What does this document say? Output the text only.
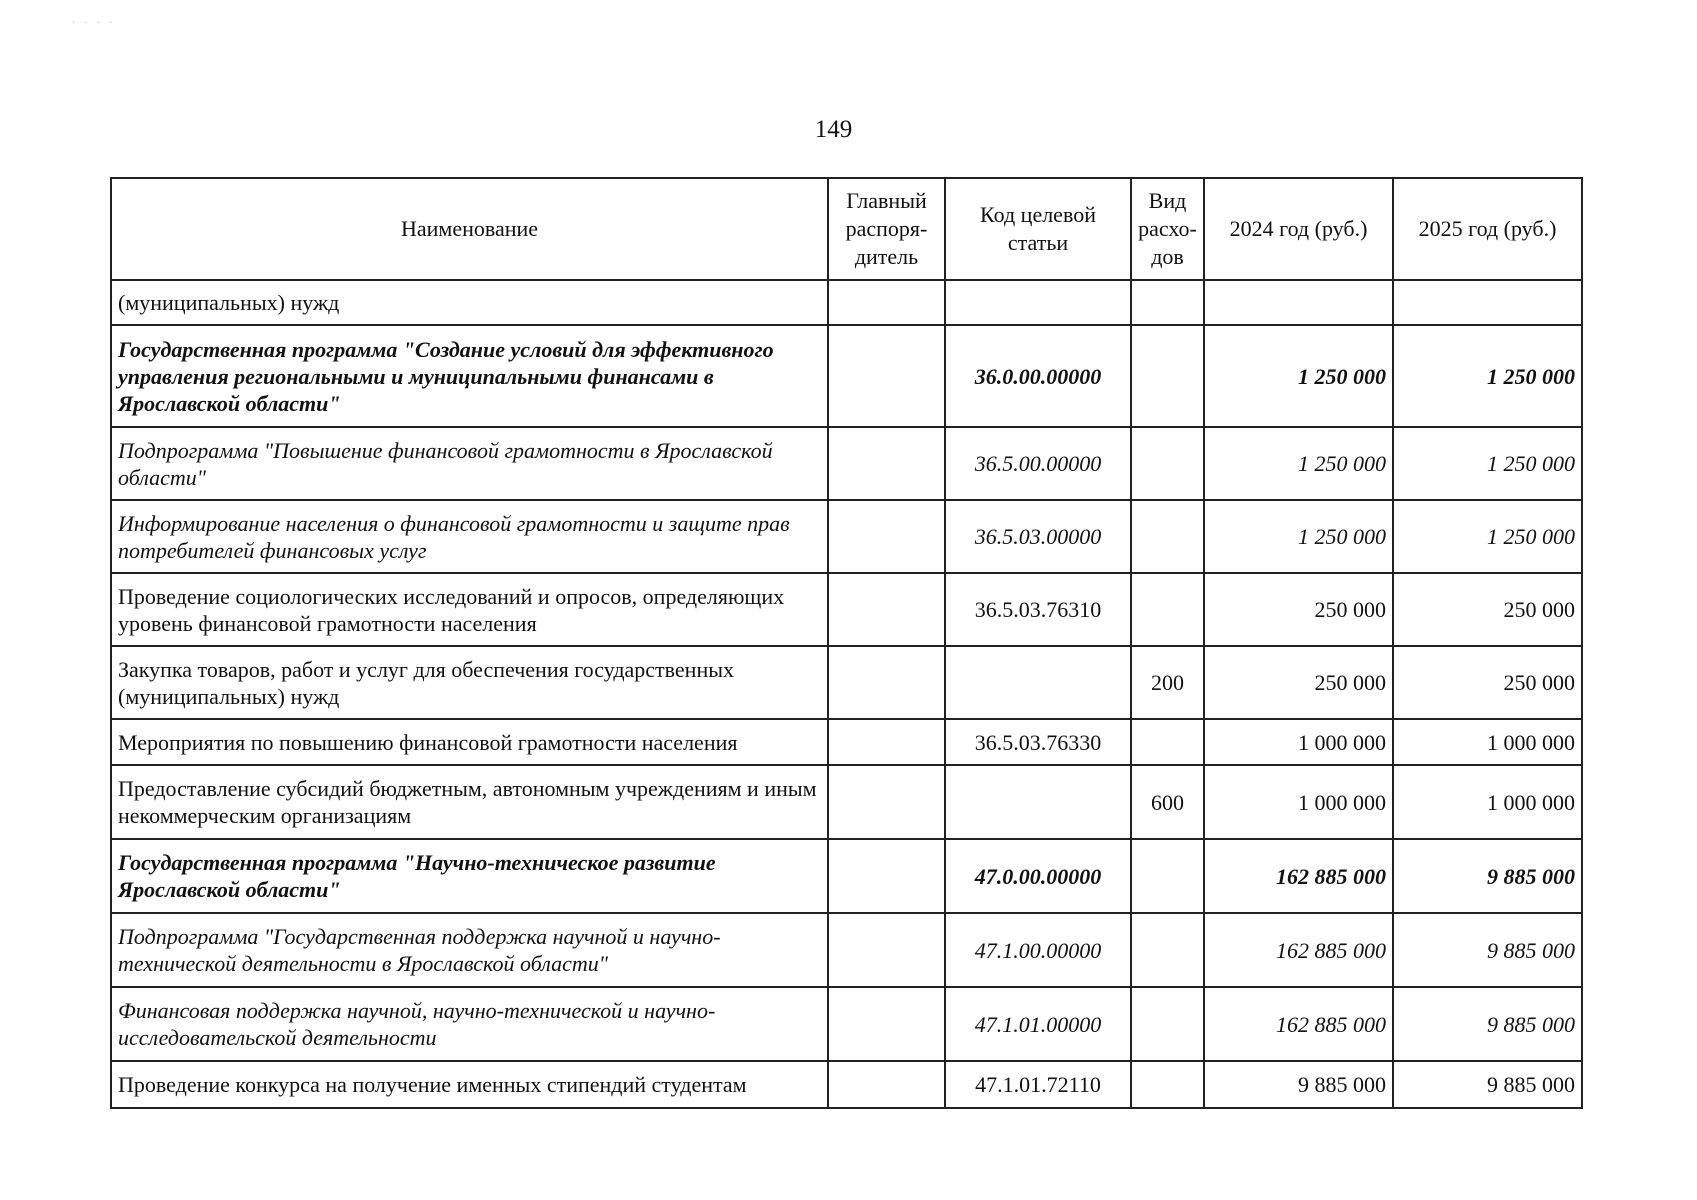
· · · ·
149
Наименование	Главный распоря-дитель	Код целевой статьи	Вид расхо-дов	2024 год (руб.)	2025 год (руб.)
(муниципальных) нужд					
Государственная программа "Создание условий для эффективного управления региональными и муниципальными финансами в Ярославской области"		36.0.00.00000		1 250 000	1 250 000
Подпрограмма "Повышение финансовой грамотности в Ярославской области"		36.5.00.00000		1 250 000	1 250 000
Информирование населения о финансовой грамотности и защите прав потребителей финансовых услуг		36.5.03.00000		1 250 000	1 250 000
Проведение социологических исследований и опросов, определяющих уровень финансовой грамотности населения		36.5.03.76310		250 000	250 000
Закупка товаров, работ и услуг для обеспечения государственных (муниципальных) нужд			200	250 000	250 000
Мероприятия по повышению финансовой грамотности населения		36.5.03.76330		1 000 000	1 000 000
Предоставление субсидий бюджетным, автономным учреждениям и иным некоммерческим организациям			600	1 000 000	1 000 000
Государственная программа "Научно-техническое развитие Ярославской области"		47.0.00.00000		162 885 000	9 885 000
Подпрограмма "Государственная поддержка научной и научно-технической деятельности в Ярославской области"		47.1.00.00000		162 885 000	9 885 000
Финансовая поддержка научной, научно-технической и научно-исследовательской деятельности		47.1.01.00000		162 885 000	9 885 000
Проведение конкурса на получение именных стипендий студентам		47.1.01.72110		9 885 000	9 885 000
